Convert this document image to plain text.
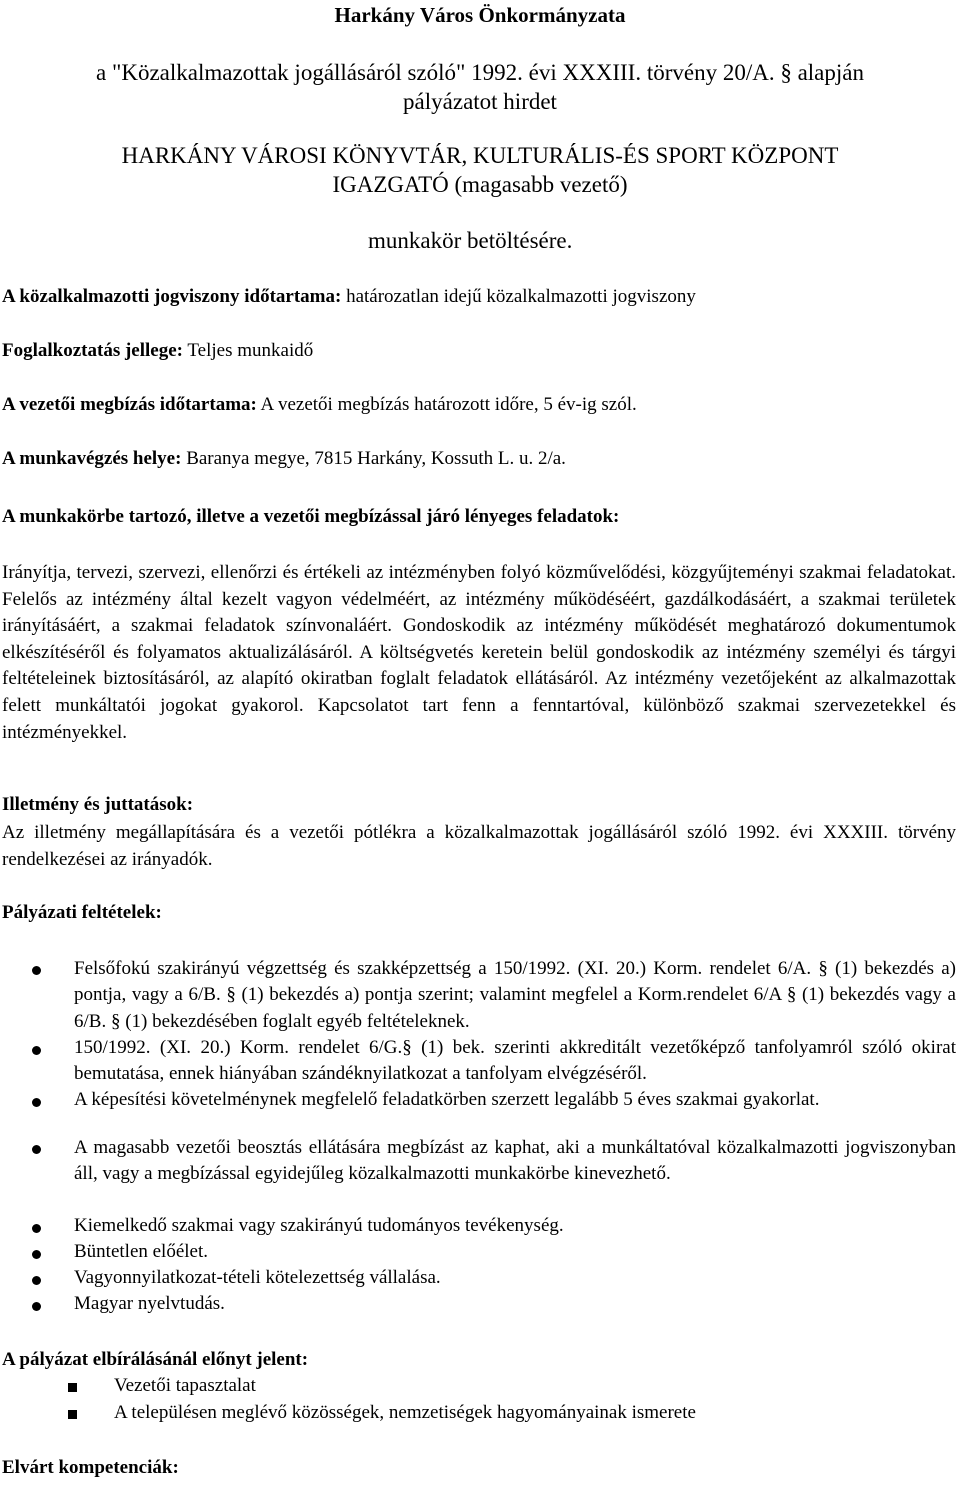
Harkány Város Önkormányzata
a "Közalkalmazottak jogállásáról szóló" 1992. évi XXXIII. törvény 20/A. § alapján
pályázatot hirdet
HARKÁNY VÁROSI KÖNYVTÁR, KULTURÁLIS-ÉS SPORT KÖZPONT
IGAZGATÓ (magasabb vezető)
munkakör betöltésére.
A közalkalmazotti jogviszony időtartama: határozatlan idejű közalkalmazotti jogviszony
Foglalkoztatás jellege: Teljes munkaidő
A vezetői megbízás időtartama: A vezetői megbízás határozott időre, 5 év-ig szól.
A munkavégzés helye: Baranya megye, 7815 Harkány, Kossuth L. u. 2/a.
A munkakörbe tartozó, illetve a vezetői megbízással járó lényeges feladatok:
Irányítja, tervezi, szervezi, ellenőrzi és értékeli az intézményben folyó közművelődési, közgyűjteményi szakmai feladatokat. Felelős az intézmény által kezelt vagyon védelméért, az intézmény működéséért, gazdálkodásáért, a szakmai területek irányításáért, a szakmai feladatok színvonaláért. Gondoskodik az intézmény működését meghatározó dokumentumok elkészítéséről és folyamatos aktualizálásáról. A költségvetés keretein belül gondoskodik az intézmény személyi és tárgyi feltételeinek biztosításáról, az alapító okiratban foglalt feladatok ellátásáról. Az intézmény vezetőjeként az alkalmazottak felett munkáltatói jogokat gyakorol. Kapcsolatot tart fenn a fenntartóval, különböző szakmai szervezetekkel és intézményekkel.
Illetmény és juttatások:
Az illetmény megállapítására és a vezetői pótlékra a közalkalmazottak jogállásáról szóló 1992. évi XXXIII. törvény rendelkezései az irányadók.
Pályázati feltételek:
Felsőfokú szakirányú végzettség és szakképzettség a 150/1992. (XI. 20.) Korm. rendelet 6/A. § (1) bekezdés a) pontja, vagy a 6/B. § (1) bekezdés a) pontja szerint; valamint megfelel a Korm.rendelet 6/A § (1) bekezdés vagy a 6/B. § (1) bekezdésében foglalt egyéb feltételeknek.
150/1992. (XI. 20.) Korm. rendelet 6/G.§ (1) bek. szerinti akkreditált vezetőképző tanfolyamról szóló okirat bemutatása, ennek hiányában szándéknyilatkozat a tanfolyam elvégzéséről.
A képesítési követelménynek megfelelő feladatkörben szerzett legalább 5 éves szakmai gyakorlat.
A magasabb vezetői beosztás ellátására megbízást az kaphat, aki a munkáltatóval közalkalmazotti jogviszonyban áll, vagy a megbízással egyidejűleg közalkalmazotti munkakörbe kinevezhető.
Kiemelkedő szakmai vagy szakirányú tudományos tevékenység.
Büntetlen előélet.
Vagyonnyilatkozat-tételi kötelezettség vállalása.
Magyar nyelvtudás.
A pályázat elbírálásánál előnyt jelent:
Vezetői tapasztalat
A településen meglévő közösségek, nemzetiségek hagyományainak ismerete
Elvárt kompetenciák:
